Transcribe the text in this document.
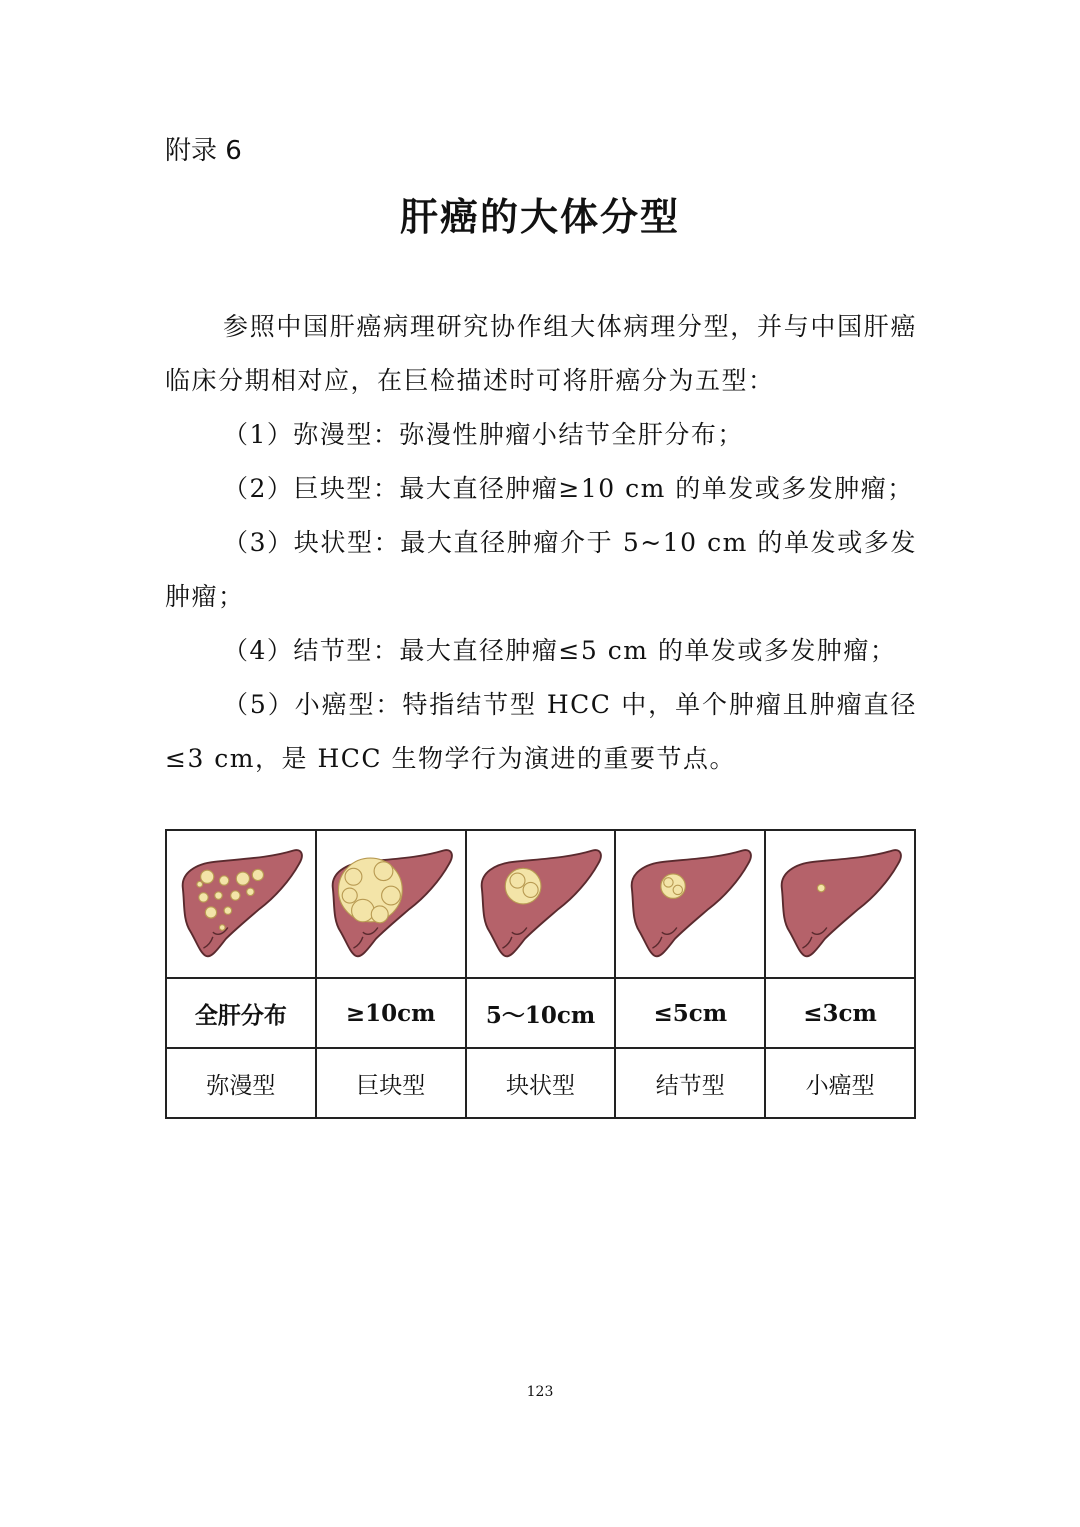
附录 6
肝癌的大体分型

参照中国肝癌病理研究协作组大体病理分型，并与中国肝癌临床分期相对应，在巨检描述时可将肝癌分为五型：

（1）弥漫型：弥漫性肿瘤小结节全肝分布；

（2）巨块型：最大直径肿瘤≥10 cm 的单发或多发肿瘤；

（3）块状型：最大直径肿瘤介于 5~10 cm 的单发或多发肿瘤；

（4）结节型：最大直径肿瘤≤5 cm 的单发或多发肿瘤；

（5）小癌型：特指结节型 HCC 中，单个肿瘤且肿瘤直径≤3 cm，是 HCC 生物学行为演进的重要节点。

全肝分布	≥10cm	5～10cm	≤5cm	≤3cm
弥漫型	巨块型	块状型	结节型	小癌型
123
